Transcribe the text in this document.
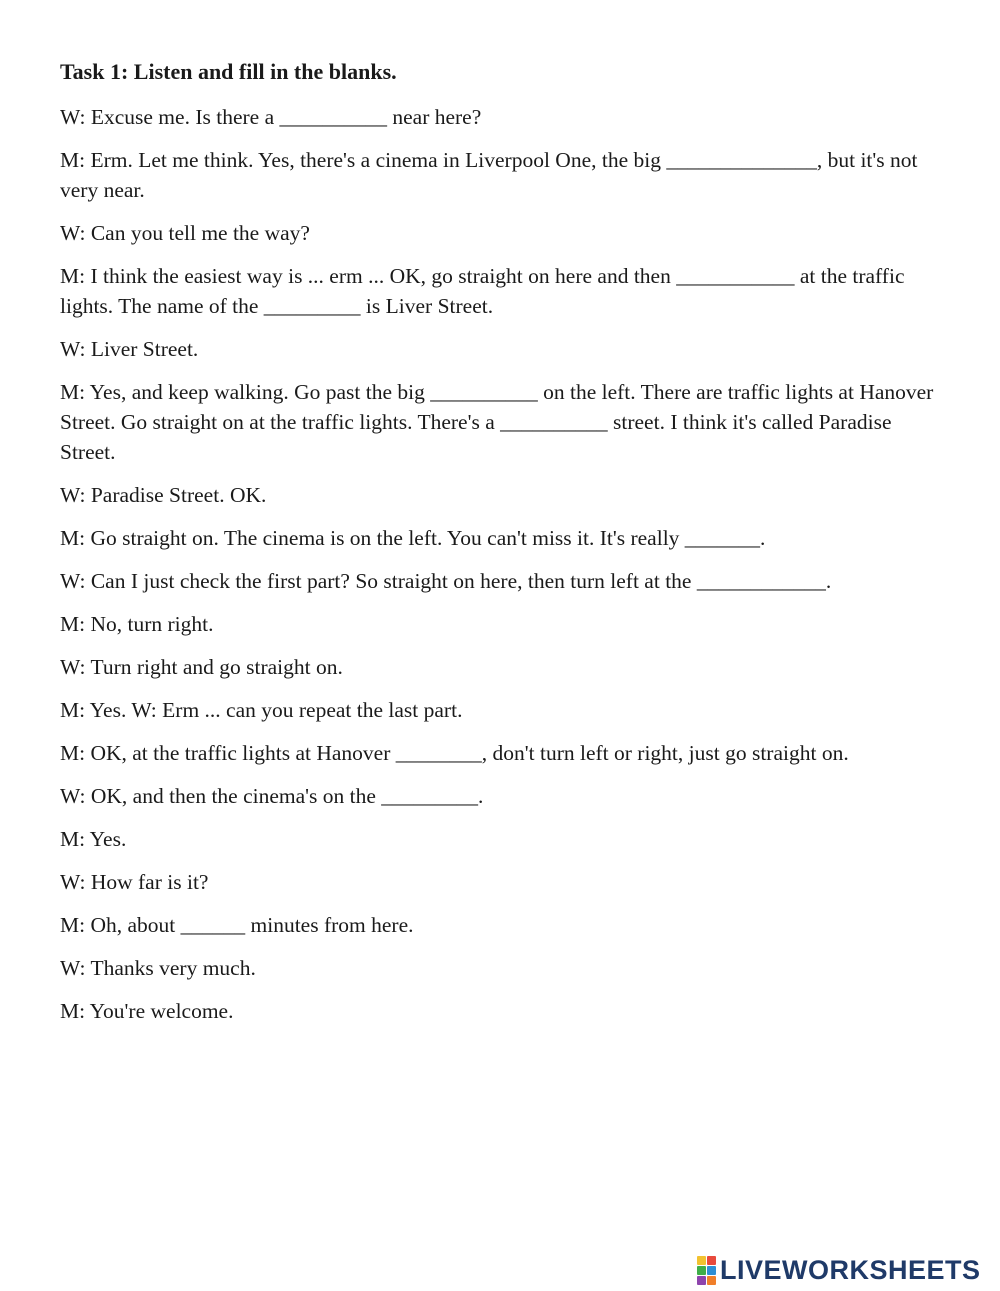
Task 1: Listen and fill in the blanks.

W: Excuse me. Is there a __________ near here?

M: Erm. Let me think. Yes, there's a cinema in Liverpool One, the big ______________, but it's not very near.

W: Can you tell me the way?

M: I think the easiest way is ... erm ... OK, go straight on here and then ___________ at the traffic lights. The name of the _________ is Liver Street.

W: Liver Street.

M: Yes, and keep walking. Go past the big __________ on the left. There are traffic lights at Hanover Street. Go straight on at the traffic lights. There's a __________ street. I think it's called Paradise Street.

W: Paradise Street. OK.

M: Go straight on. The cinema is on the left. You can't miss it. It's really _______.

W: Can I just check the first part? So straight on here, then turn left at the ____________.

M: No, turn right.

W: Turn right and go straight on.

M: Yes. W: Erm ... can you repeat the last part.

M: OK, at the traffic lights at Hanover ________, don't turn left or right, just go straight on.

W: OK, and then the cinema's on the _________.

M: Yes.

W: How far is it?

M: Oh, about ______ minutes from here.

W: Thanks very much.

M: You're welcome.

LIVEWORKSHEETS
